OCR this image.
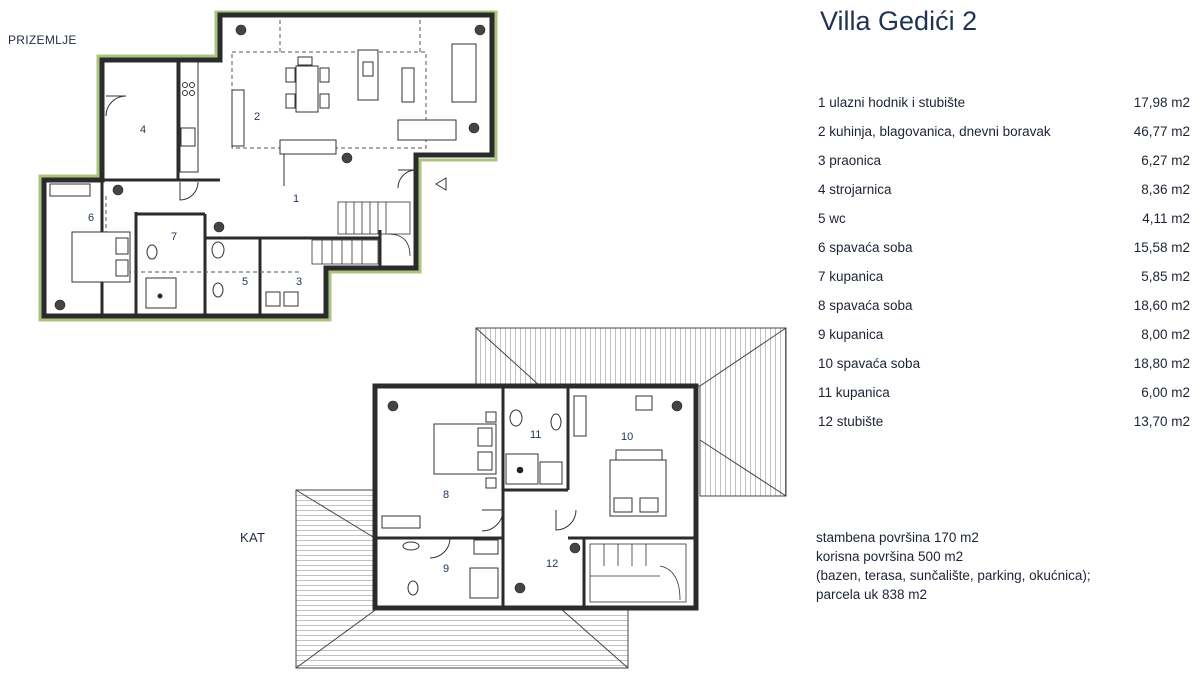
1
2
3
4
5
6
7
8
9
10
11
12
PRIZEMLJE
KAT
Villa Gedići 2
1 ulazni hodnik i stubište	17,98 m2
2 kuhinja, blagovanica, dnevni boravak	46,77 m2
3 praonica	6,27 m2
4 strojarnica	8,36 m2
5 wc	4,11 m2
6 spavaća soba	15,58 m2
7 kupanica	5,85 m2
8 spavaća soba	18,60 m2
9 kupanica	8,00 m2
10 spavaća soba	18,80 m2
11 kupanica	6,00 m2
12 stubište	13,70 m2
stambena površina 170 m2
korisna površina 500 m2
(bazen, terasa, sunčalište, parking, okućnica);
parcela uk 838 m2
